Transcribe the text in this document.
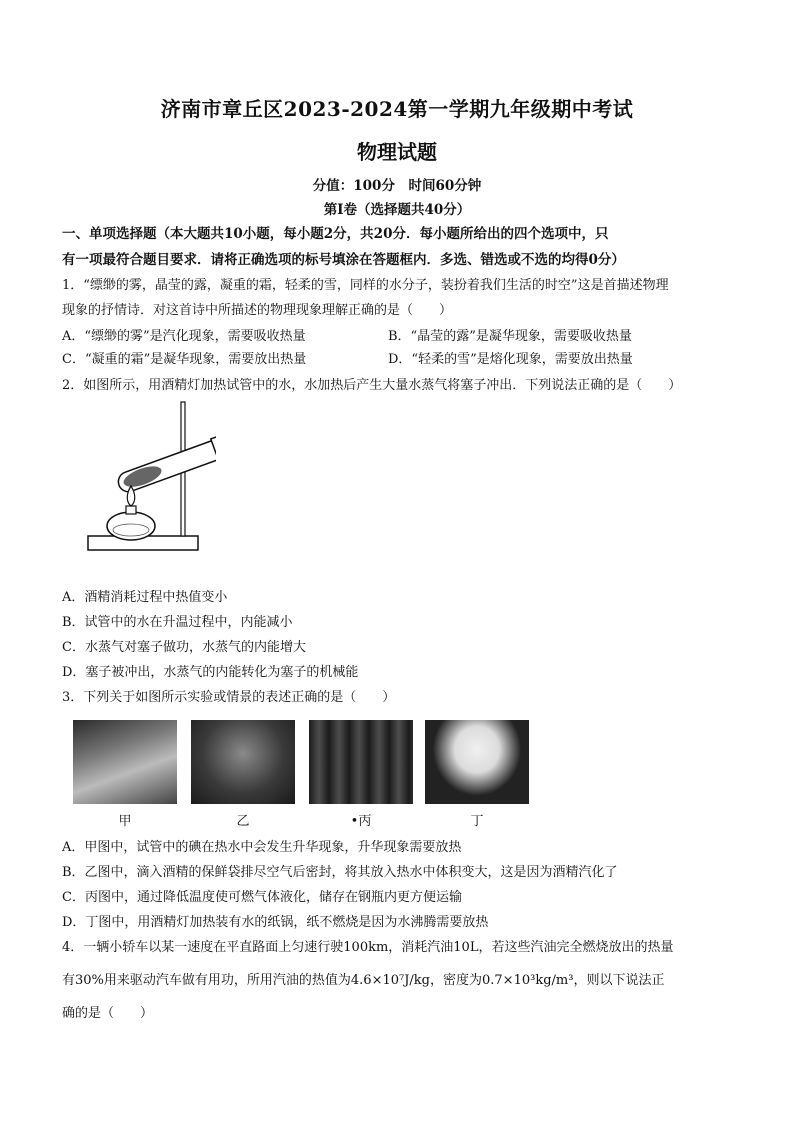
济南市章丘区2023-2024第一学期九年级期中考试
物理试题
分值：100分　时间60分钟
第Ⅰ卷（选择题共40分）
一、单项选择题（本大题共10小题，每小题2分，共20分．每小题所给出的四个选项中，只
有一项最符合题目要求．请将正确选项的标号填涂在答题框内．多选、错选或不选的均得0分）
1．“缥缈的雾，晶莹的露，凝重的霜，轻柔的雪，同样的水分子，装扮着我们生活的时空”这是首描述物理
现象的抒情诗．对这首诗中所描述的物理现象理解正确的是（　　）
A．“缥缈的雾”是汽化现象，需要吸收热量	B．“晶莹的露”是凝华现象，需要吸收热量
C．“凝重的霜”是凝华现象，需要放出热量	D．“轻柔的雪”是熔化现象，需要放出热量
2．如图所示，用酒精灯加热试管中的水，水加热后产生大量水蒸气将塞子冲出．下列说法正确的是（　　）
A．酒精消耗过程中热值变小
B．试管中的水在升温过程中，内能减小
C．水蒸气对塞子做功，水蒸气的内能增大
D．塞子被冲出，水蒸气的内能转化为塞子的机械能
3．下列关于如图所示实验或情景的表述正确的是（　　）
甲	乙	•丙	丁
A．甲图中，试管中的碘在热水中会发生升华现象，升华现象需要放热
B．乙图中，滴入酒精的保鲜袋排尽空气后密封，将其放入热水中体积变大，这是因为酒精汽化了
C．丙图中，通过降低温度使可燃气体液化，储存在钢瓶内更方便运输
D．丁图中，用酒精灯加热装有水的纸锅，纸不燃烧是因为水沸腾需要放热
4．一辆小轿车以某一速度在平直路面上匀速行驶100km，消耗汽油10L，若这些汽油完全燃烧放出的热量
有30%用来驱动汽车做有用功，所用汽油的热值为4.6×10⁷J/kg，密度为0.7×10³kg/m³，则以下说法正
确的是（　　）
